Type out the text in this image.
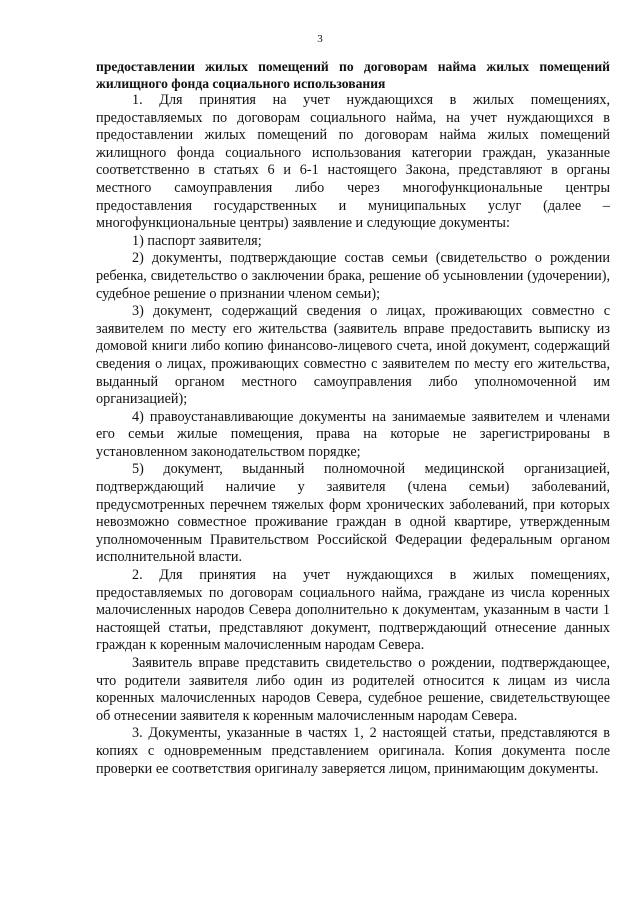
3

предоставлении жилых помещений по договорам найма жилых помещений жилищного фонда социального использования

1. Для принятия на учет нуждающихся в жилых помещениях, предоставляемых по договорам социального найма, на учет нуждающихся в предоставлении жилых помещений по договорам найма жилых помещений жилищного фонда социального использования категории граждан, указанные соответственно в статьях 6 и 6-1 настоящего Закона, представляют в органы местного самоуправления либо через многофункциональные центры предоставления государственных и муниципальных услуг (далее – многофункциональные центры) заявление и следующие документы:

1) паспорт заявителя;

2) документы, подтверждающие состав семьи (свидетельство о рождении ребенка, свидетельство о заключении брака, решение об усыновлении (удочерении), судебное решение о признании членом семьи);

3) документ, содержащий сведения о лицах, проживающих совместно с заявителем по месту его жительства (заявитель вправе предоставить выписку из домовой книги либо копию финансово-лицевого счета, иной документ, содержащий сведения о лицах, проживающих совместно с заявителем по месту его жительства, выданный органом местного самоуправления либо уполномоченной им организацией);

4) правоустанавливающие документы на занимаемые заявителем и членами его семьи жилые помещения, права на которые не зарегистрированы в установленном законодательством порядке;

5) документ, выданный полномочной медицинской организацией, подтверждающий наличие у заявителя (члена семьи) заболеваний, предусмотренных перечнем тяжелых форм хронических заболеваний, при которых невозможно совместное проживание граждан в одной квартире, утвержденным уполномоченным Правительством Российской Федерации федеральным органом исполнительной власти.

2. Для принятия на учет нуждающихся в жилых помещениях, предоставляемых по договорам социального найма, граждане из числа коренных малочисленных народов Севера дополнительно к документам, указанным в части 1 настоящей статьи, представляют документ, подтверждающий отнесение данных граждан к коренным малочисленным народам Севера.

Заявитель вправе представить свидетельство о рождении, подтверждающее, что родители заявителя либо один из родителей относится к лицам из числа коренных малочисленных народов Севера, судебное решение, свидетельствующее об отнесении заявителя к коренным малочисленным народам Севера.

3. Документы, указанные в частях 1, 2 настоящей статьи, представляются в копиях с одновременным представлением оригинала. Копия документа после проверки ее соответствия оригиналу заверяется лицом, принимающим документы.
